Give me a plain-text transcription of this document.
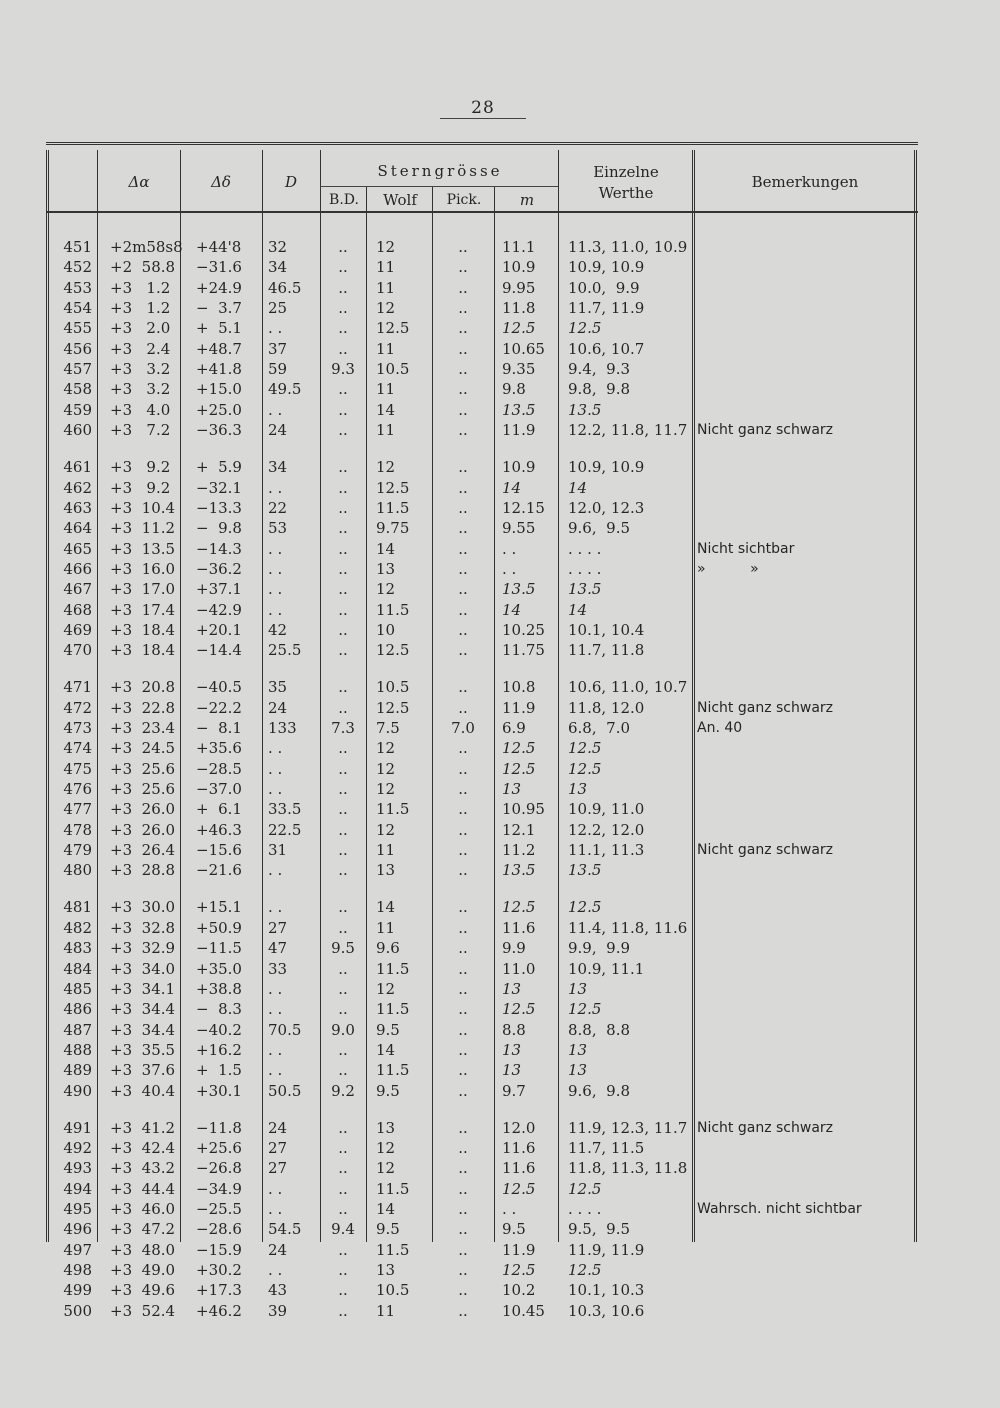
28
Δα	Δδ	D
Sterngrösse
B.D.	Wolf	Pick.	m
Einzelne
Werthe
Bemerkungen
451 +2m58s8 +44'8	32	..	12	..	11.1	11.3, 11.0, 10.9
452 +2  58.8 −31.6	34	..	11	..	10.9	10.9, 10.9
453 +3   1.2	+24.9	46.5	..	11	..	9.95	10.0,  9.9
454 +3   1.2	−  3.7	25	..	12	..	11.8	11.7, 11.9
455 +3   2.0	+  5.1	. .	..	12.5	..	12.5	12.5
456 +3   2.4	+48.7	37	..	11	..	10.65	10.6, 10.7
457 +3   3.2	+41.8	59	9.3	10.5	..	9.35	9.4,  9.3
458 +3   3.2	+15.0	49.5	..	11	..	9.8	9.8,  9.8
459 +3   4.0	+25.0	. .	..	14	..	13.5	13.5
460 +3   7.2	−36.3	24	..	11	..	11.9	12.2, 11.8, 11.7 Nicht ganz schwarz
461 +3   9.2	+  5.9	34	..	12	..	10.9	10.9, 10.9
462 +3   9.2	−32.1	. .	..	12.5	..	14	14
463 +3  10.4 −13.3	22	..	11.5	..	12.15	12.0, 12.3
464 +3  11.2 −  9.8	53	..	9.75	..	9.55	9.6,  9.5
465 +3  13.5 −14.3	. .	..	14	..	. .	. . . .	Nicht sichtbar
466 +3  16.0 −36.2	. .	..	13	..	. .	. . . .	»          »
467 +3  17.0 +37.1	. .	..	12	..	13.5	13.5
468 +3  17.4 −42.9	. .	..	11.5	..	14	14
469 +3  18.4 +20.1	42	..	10	..	10.25	10.1, 10.4
470 +3  18.4 −14.4	25.5	..	12.5	..	11.75	11.7, 11.8
471 +3  20.8 −40.5	35	..	10.5	..	10.8	10.6, 11.0, 10.7
472 +3  22.8 −22.2	24	..	12.5	..	11.9	11.8, 12.0	Nicht ganz schwarz
473 +3  23.4 −  8.1	133	7.3	7.5	7.0	6.9	6.8,  7.0	An. 40
474 +3  24.5 +35.6	. .	..	12	..	12.5	12.5
475 +3  25.6 −28.5	. .	..	12	..	12.5	12.5
476 +3  25.6 −37.0	. .	..	12	..	13	13
477 +3  26.0 +  6.1	33.5	..	11.5	..	10.95	10.9, 11.0
478 +3  26.0 +46.3	22.5	..	12	..	12.1	12.2, 12.0
479 +3  26.4 −15.6	31	..	11	..	11.2	11.1, 11.3	Nicht ganz schwarz
480 +3  28.8 −21.6	. .	..	13	..	13.5	13.5
481 +3  30.0 +15.1	. .	..	14	..	12.5	12.5
482 +3  32.8 +50.9	27	..	11	..	11.6	11.4, 11.8, 11.6
483 +3  32.9 −11.5	47	9.5	9.6	..	9.9	9.9,  9.9
484 +3  34.0 +35.0	33	..	11.5	..	11.0	10.9, 11.1
485 +3  34.1 +38.8	. .	..	12	..	13	13
486 +3  34.4 −  8.3	. .	..	11.5	..	12.5	12.5
487 +3  34.4 −40.2	70.5	9.0	9.5	..	8.8	8.8,  8.8
488 +3  35.5 +16.2	. .	..	14	..	13	13
489 +3  37.6 +  1.5	. .	..	11.5	..	13	13
490 +3  40.4 +30.1	50.5	9.2	9.5	..	9.7	9.6,  9.8
491 +3  41.2 −11.8	24	..	13	..	12.0	11.9, 12.3, 11.7 Nicht ganz schwarz
492 +3  42.4 +25.6	27	..	12	..	11.6	11.7, 11.5
493 +3  43.2 −26.8	27	..	12	..	11.6	11.8, 11.3, 11.8
494 +3  44.4 −34.9	. .	..	11.5	..	12.5	12.5
495 +3  46.0 −25.5	. .	..	14	..	. .	. . . .	Wahrsch. nicht sichtbar
496 +3  47.2 −28.6	54.5	9.4	9.5	..	9.5	9.5,  9.5
497 +3  48.0 −15.9	24	..	11.5	..	11.9	11.9, 11.9
498 +3  49.0 +30.2	. .	..	13	..	12.5	12.5
499 +3  49.6 +17.3	43	..	10.5	..	10.2	10.1, 10.3
500 +3  52.4 +46.2	39	..	11	..	10.45	10.3, 10.6
